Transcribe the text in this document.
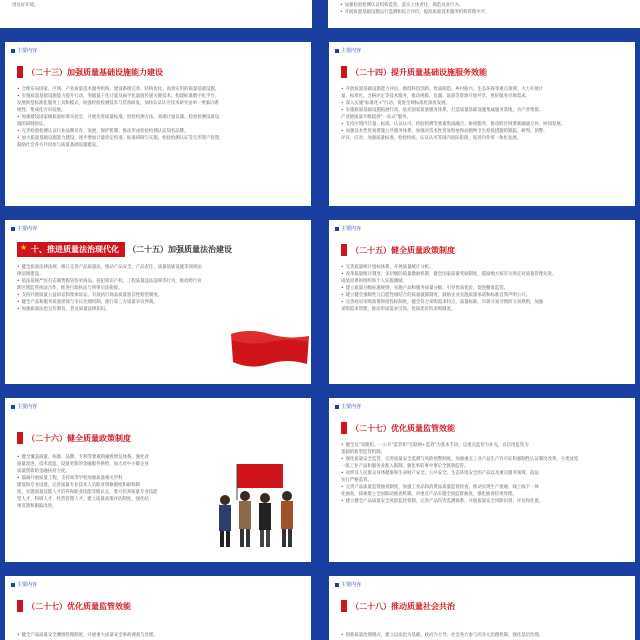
进良好环境。
•	加强检验检测认证机构监管，落实主体责任，规范从业行为。
• 开展质量基础设施运行监测和综合评价，提高质量技术服务机构管理水平。
主要内容
（二十三）加强质量基础设施能力建设
• 合理布局国家、区域、产业质量技术服务机构，建设系统完善、结构优化、高效实用的质量基础设施。
• 实施质量基础设施能力提升行动，突破量子化计量及扁平化量值传递关键技术，构建标准数字化平台，
发展新型标准化服务工具和模式，加强检验检测技术与装备研发，加快认证认可技术研究由单一要素向系
统性、集成化方向发展。
• 加强建设国家级质量标准实验室，开展先进质量标准、检验检测方法、高端计量仪器、检验检测设备设
施的研制验证。
• 完善检验检测认证行业品牌培育、发展、保护机制，推动形成检验检测认证知名品牌。
• 加大质量基础设施能力建设，逐步增加计量检定校准、标准研制与实施、检验检测认证等无形资产投资，
鼓励社会各方共同参与质量基础设施建设。
主要内容
（二十四）提升质量基础设施服务效能
• 开展质量基础设施能力评估，围绕科技创新、优质制造、乡村振兴、生态环保等重点领域，大力开展计
量、标准化、合格评定等技术服务，推动规模、仪器、设备等资源开放共享，更好服务市场需求。
• 深入实施"标准化+"行动，促进全域标准化深度发展。
• 实施质量基础设施拓展行动，依托国家质量服务体系，打造质量基础设施集成服务基地，为产业集群、
产业链质量升级提供"一站式"服务。
• 支持区域内计量、标准、认证认可、检验检测等要素集成融合、协同服务，推动跨区域要素融通互补、协同发展。
• 加强技术性贸易措施公共服务体系，加强对技术性贸易壁垒和动植物卫生检疫措施的跟踪、研判、预警、
评议、应对。加强质量标准、检验检疫、认证认可等国内国际衔接，促进内外贸一体化发展。
主要内容
★ 十、推进质量法治现代化	（二十五）加强质量法治建设
• 健全质量法律法规，修订完善产品质量法，推动产品安全、产品责任、质量基础设施等领域法
律法规建设。
• 依法依规严厉打击制售假冒伪劣商品、侵犯知识产权、工程质量违法违规等行为，推动跨行业
跨区域监管执法合作，推进行政执法与刑事司法衔接。
• 支持开展质量公益诉讼和集体诉讼，有效执行商品质量惩罚性赔偿制度。
• 健全产品和服务质量担保与争议处理机制，推行第三方质量争议仲裁。
• 加强质量法治宣传教育，普及质量法律知识。
主要内容
（二十五）健全质量政策制度
• 完善质量统计指标体系，开展质量统计分析。
• 改革质量统计制度，多层级的质量激励机制，健全国家质量奖励制度，鼓励地方按有关规定对质量管理先进、
成绩显著的组织和个人实施激励。
• 建立质量分级标准规则，实施产品和服务质量分级，引导优质优价，促进精准监管。
• 建立健全强制性与自愿性相结合的质量披露制度，鼓励企业实施质量承诺和标准自我声明公开。
• 完善政府采购政策和招投标制度，健全符合采购需求特点、质量标准、市场交易习惯的交易规则，加强
采购需求管理，推动形成需求引领、优质优价的采购制度。
主要内容
（二十六）健全质量政策制度
• 健全覆盖质量、标准、品牌、专利等要素的融资增信体系，强化对
质量改进、技术改造、设备更新的金融服务供给，加大对中小微企业
质量创新的金融扶持力度。
• 鼓励开展质量工程，支持高等学校加强质量相关学科
建设和专业设置，完善质量专业技术人员职业资格制度和职称制
度，实施质量技能人才培养和职业技能等级认定，着力培养质量专业技能
型人才、科研人才、经营管理人才。建立质量政策评估制度，强化结
果反馈和跟踪改进。
主要内容
（二十七）优化质量监管效能
• 健全以"双随机、一公开"监管和"互联网+监管"为基本手段，以重点监管为补充，以信用监管为
基础的新型监管机制。
• 强化质量安全监管，完善质量安全监测与风险预警制度，加强重点工业产品生产许可证和强制性认证制度改革，分类放宽
一般工业产品和服务业准入限制，强化事前事中事后全链条监管。
• 对涉及人民群众身体健康和生命财产安全、公共安全、生态环境安全的产品以及重点服务领域，依法
实行严格监管。
• 完善产品质量监督抽查制度，加强工业品和消费品质量监督检查，推动实现生产流通、线上线下一体
化抽查，探索建立全国联动抽查机制，对重点产品实施全国监督抽查，强化抽查结果处理。
• 建立健全产品质量安全风险监控机制，完善产品伤害监测体系，开展质量安全风险识别、评估和处置。
主要内容
（二十七）优化质量监管效能
• 健全产品质量安全溯源管理制度，开展重大质量安全事故调查与处理。
主要内容
（二十八）推动质量社会共治
• 创新质量治理模式，建立以法治为基础、政府为主导、社会各方参与的多元治理机制，强化基层治理、
